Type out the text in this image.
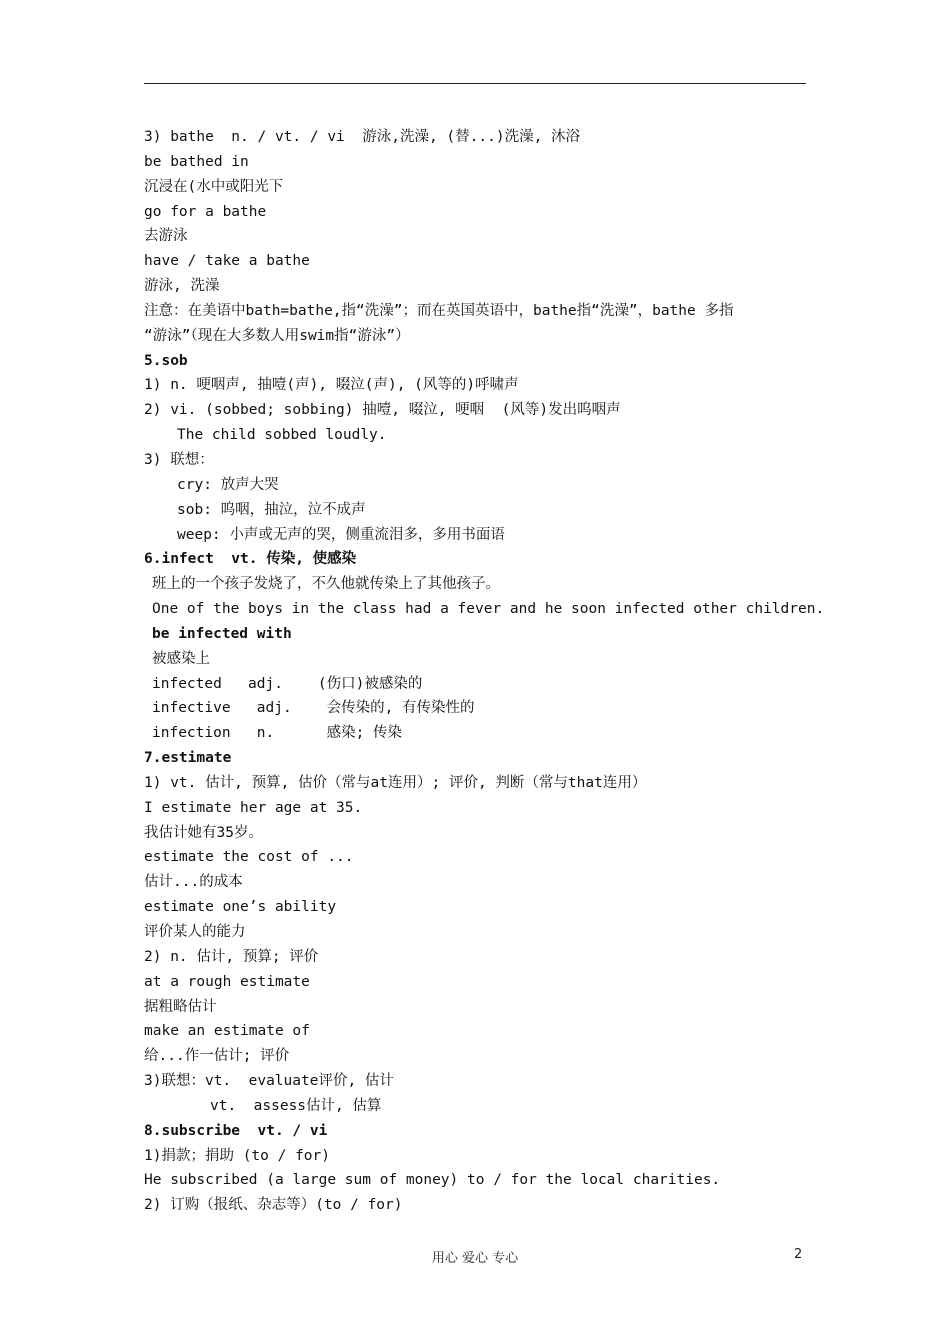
3) bathe  n. / vt. / vi  游泳,洗澡, (替...)洗澡, 沐浴
be bathed in
沉浸在(水中或阳光下
go for a bathe
去游泳
have / take a bathe
游泳, 洗澡
注意：在美语中bath=bathe,指“洗澡”；而在英国英语中，bathe指“洗澡”，bathe 多指
“游泳”（现在大多数人用swim指“游泳”）
5.sob
1) n. 哽咽声, 抽噎(声), 啜泣(声), (风等的)呼啸声
2) vi. (sobbed; sobbing) 抽噎, 啜泣, 哽咽  (风等)发出呜咽声
The child sobbed loudly.
3) 联想：
cry: 放声大哭
sob: 呜咽，抽泣，泣不成声
weep: 小声或无声的哭，侧重流泪多，多用书面语
6.infect  vt. 传染, 使感染
班上的一个孩子发烧了，不久他就传染上了其他孩子。
One of the boys in the class had a fever and he soon infected other children.
be infected with
被感染上
infected   adj.    (伤口)被感染的
infective   adj.    会传染的, 有传染性的
infection   n.      感染; 传染
7.estimate
1) vt. 估计, 预算, 估价（常与at连用）; 评价, 判断（常与that连用）
I estimate her age at 35.
我估计她有35岁。
estimate the cost of ...
估计...的成本
estimate one’s ability
评价某人的能力
2) n. 估计, 预算; 评价
at a rough estimate
据粗略估计
make an estimate of
给...作一估计; 评价
3)联想：vt.  evaluate评价, 估计
vt.  assess估计, 估算
8.subscribe  vt. / vi
1)捐款；捐助 (to / for)
He subscribed (a large sum of money) to / for the local charities.
2) 订购（报纸、杂志等）(to / for)
用心 爱心 专心	2
